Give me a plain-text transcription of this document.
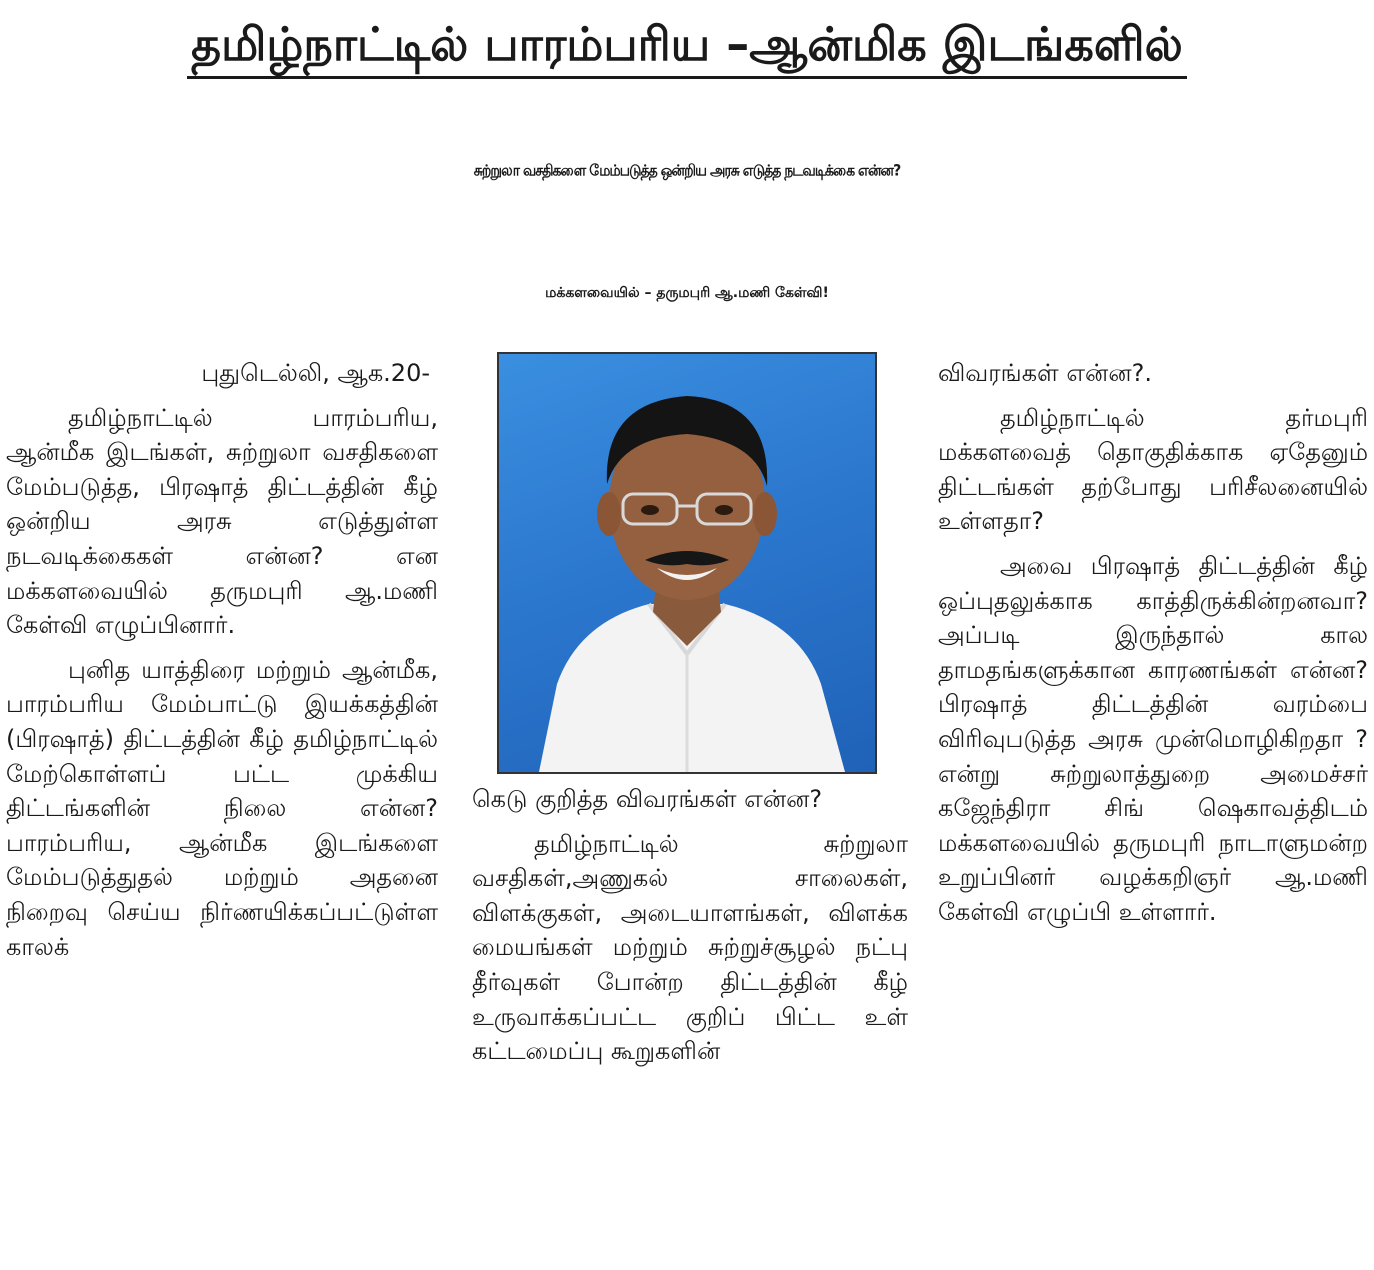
தமிழ்நாட்டில் பாரம்பரிய –ஆன்மிக இடங்களில்
சுற்றுலா வசதிகளை மேம்படுத்த ஒன்றிய அரசு எடுத்த நடவடிக்கை என்ன?
மக்களவையில் – தருமபுரி ஆ.மணி கேள்வி!

புதுடெல்லி, ஆக.20-

தமிழ்நாட்டில் பாரம்பரிய, ஆன்மீக இடங்கள், சுற்றுலா வசதிகளை மேம்படுத்த, பிரஷாத் திட்டத்தின் கீழ் ஒன்றிய அரசு எடுத்துள்ள நடவடிக்கைகள் என்ன? என மக்களவையில் தருமபுரி ஆ.மணி கேள்வி எழுப்பினார்.

புனித யாத்திரை மற்றும் ஆன்மீக, பாரம்பரிய மேம்பாட்டு இயக்கத்தின் (பிரஷாத்) திட்டத்தின் கீழ் தமிழ்நாட்டில் மேற்கொள்ளப் பட்ட முக்கிய திட்டங்களின் நிலை என்ன? பாரம்பரிய, ஆன்மீக இடங்களை மேம்படுத்துதல் மற்றும் அதனை நிறைவு செய்ய நிர்ணயிக்கப்பட்டுள்ள காலக்

கெடு குறித்த விவரங்கள் என்ன?

தமிழ்நாட்டில் சுற்றுலா வசதிகள்,அணுகல் சாலைகள், விளக்குகள், அடையாளங்கள், விளக்க மையங்கள் மற்றும் சுற்றுச்சூழல் நட்பு தீர்வுகள் போன்ற திட்டத்தின் கீழ் உருவாக்கப்பட்ட குறிப் பிட்ட உள் கட்டமைப்பு கூறுகளின்

விவரங்கள் என்ன?.

தமிழ்நாட்டில் தர்மபுரி மக்களவைத் தொகுதிக்காக ஏதேனும் திட்டங்கள் தற்போது பரிசீலனையில் உள்ளதா?

அவை பிரஷாத் திட்டத்தின் கீழ் ஒப்புதலுக்காக காத்திருக்கின்றனவா?அப்படி இருந்தால் கால தாமதங்களுக்கான காரணங்கள் என்ன? பிரஷாத் திட்டத்தின் வரம்பை விரிவுபடுத்த அரசு முன்மொழிகிறதா ? என்று சுற்றுலாத்துறை அமைச்சர் கஜேந்திரா சிங் ஷெகாவத்திடம் மக்களவையில் தருமபுரி நாடாளுமன்ற உறுப்பினர் வழக்கறிஞர் ஆ.மணி கேள்வி எழுப்பி உள்ளார்.
